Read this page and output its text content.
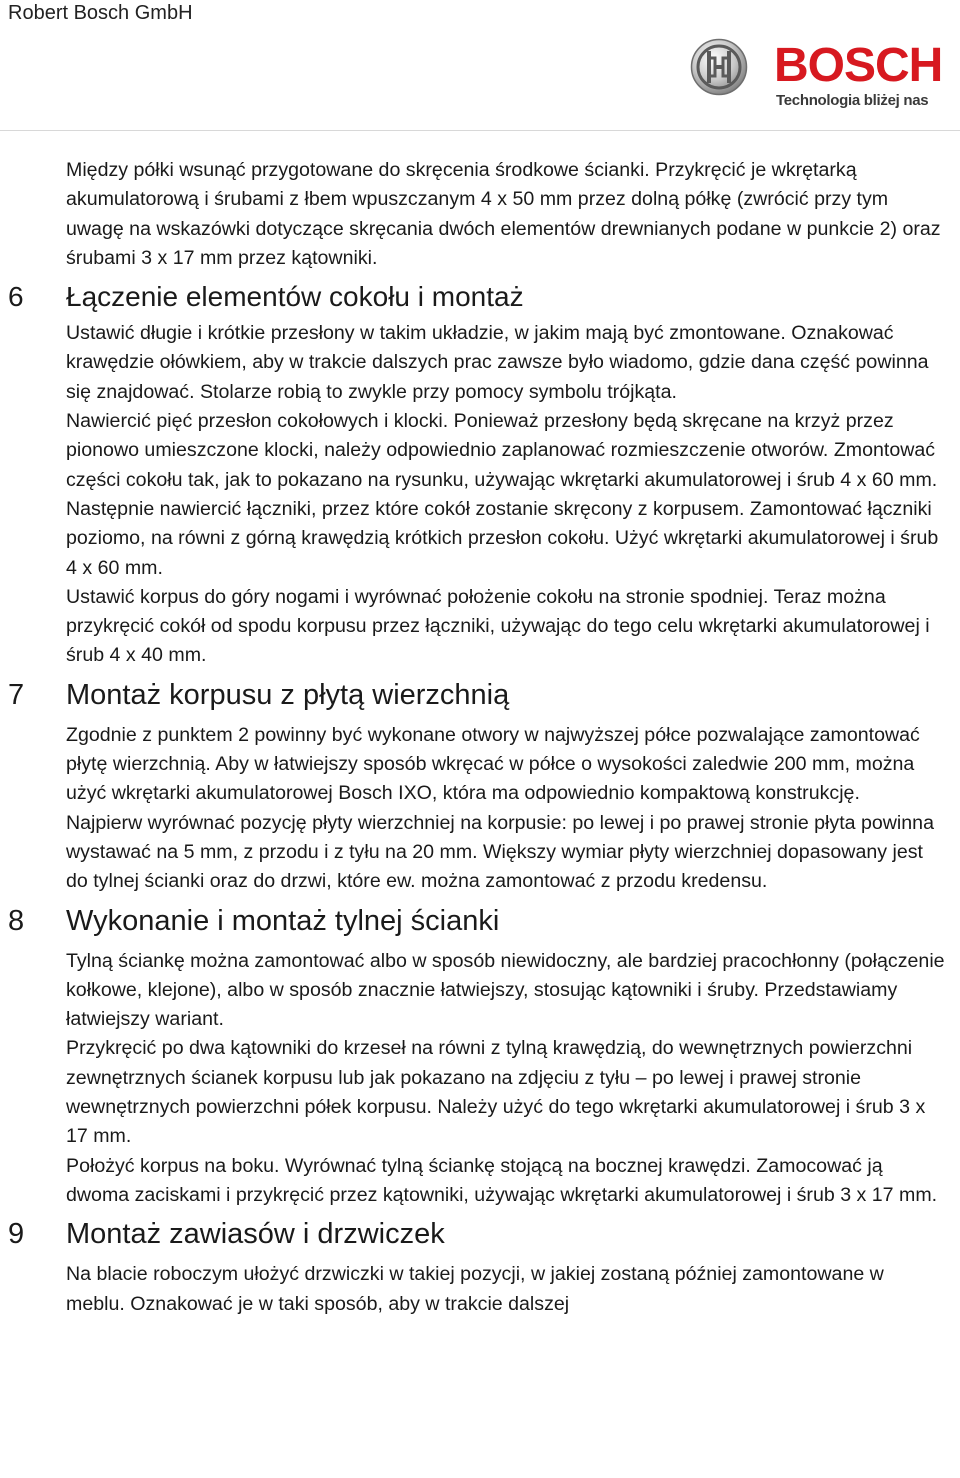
Robert Bosch GmbH
BOSCH
Technologia bliżej nas

Między półki wsunąć przygotowane do skręcenia środkowe ścianki. Przykręcić je wkrętarką akumulatorową i śrubami z łbem wpuszczanym 4 x 50 mm przez dolną półkę (zwrócić przy tym uwagę na wskazówki dotyczące skręcania dwóch elementów drewnianych podane w punkcie 2) oraz śrubami 3 x 17 mm przez kątowniki.

6 Łączenie elementów cokołu i montaż

Ustawić długie i krótkie przesłony w takim układzie, w jakim mają być zmontowane. Oznakować krawędzie ołówkiem, aby w trakcie dalszych prac zawsze było wiadomo, gdzie dana część powinna się znajdować. Stolarze robią to zwykle przy pomocy symbolu trójkąta.

Nawiercić pięć przesłon cokołowych i klocki. Ponieważ przesłony będą skręcane na krzyż przez pionowo umieszczone klocki, należy odpowiednio zaplanować rozmieszczenie otworów. Zmontować części cokołu tak, jak to pokazano na rysunku, używając wkrętarki akumulatorowej i śrub 4 x 60 mm. Następnie nawiercić łączniki, przez które cokół zostanie skręcony z korpusem. Zamontować łączniki poziomo, na równi z górną krawędzią krótkich przesłon cokołu. Użyć wkrętarki akumulatorowej i śrub 4 x 60 mm.

Ustawić korpus do góry nogami i wyrównać położenie cokołu na stronie spodniej. Teraz można przykręcić cokół od spodu korpusu przez łączniki, używając do tego celu wkrętarki akumulatorowej i śrub 4 x 40 mm.

7 Montaż korpusu z płytą wierzchnią

Zgodnie z punktem 2 powinny być wykonane otwory w najwyższej półce pozwalające zamontować płytę wierzchnią. Aby w łatwiejszy sposób wkręcać w półce o wysokości zaledwie 200 mm, można użyć wkrętarki akumulatorowej Bosch IXO, która ma odpowiednio kompaktową konstrukcję.

Najpierw wyrównać pozycję płyty wierzchniej na korpusie: po lewej i po prawej stronie płyta powinna wystawać na 5 mm, z przodu i z tyłu na 20 mm. Większy wymiar płyty wierzchniej dopasowany jest do tylnej ścianki oraz do drzwi, które ew. można zamontować z przodu kredensu.

8 Wykonanie i montaż tylnej ścianki

Tylną ściankę można zamontować albo w sposób niewidoczny, ale bardziej pracochłonny (połączenie kołkowe, klejone), albo w sposób znacznie łatwiejszy, stosując kątowniki i śruby. Przedstawiamy łatwiejszy wariant.

Przykręcić po dwa kątowniki do krzeseł na równi z tylną krawędzią, do wewnętrznych powierzchni zewnętrznych ścianek korpusu lub jak pokazano na zdjęciu z tyłu – po lewej i prawej stronie wewnętrznych powierzchni półek korpusu. Należy użyć do tego wkrętarki akumulatorowej i śrub 3 x 17 mm.

Położyć korpus na boku. Wyrównać tylną ściankę stojącą na bocznej krawędzi. Zamocować ją dwoma zaciskami i przykręcić przez kątowniki, używając wkrętarki akumulatorowej i śrub 3 x 17 mm.

9 Montaż zawiasów i drzwiczek

Na blacie roboczym ułożyć drzwiczki w takiej pozycji, w jakiej zostaną później zamontowane w meblu. Oznakować je w taki sposób, aby w trakcie dalszej
